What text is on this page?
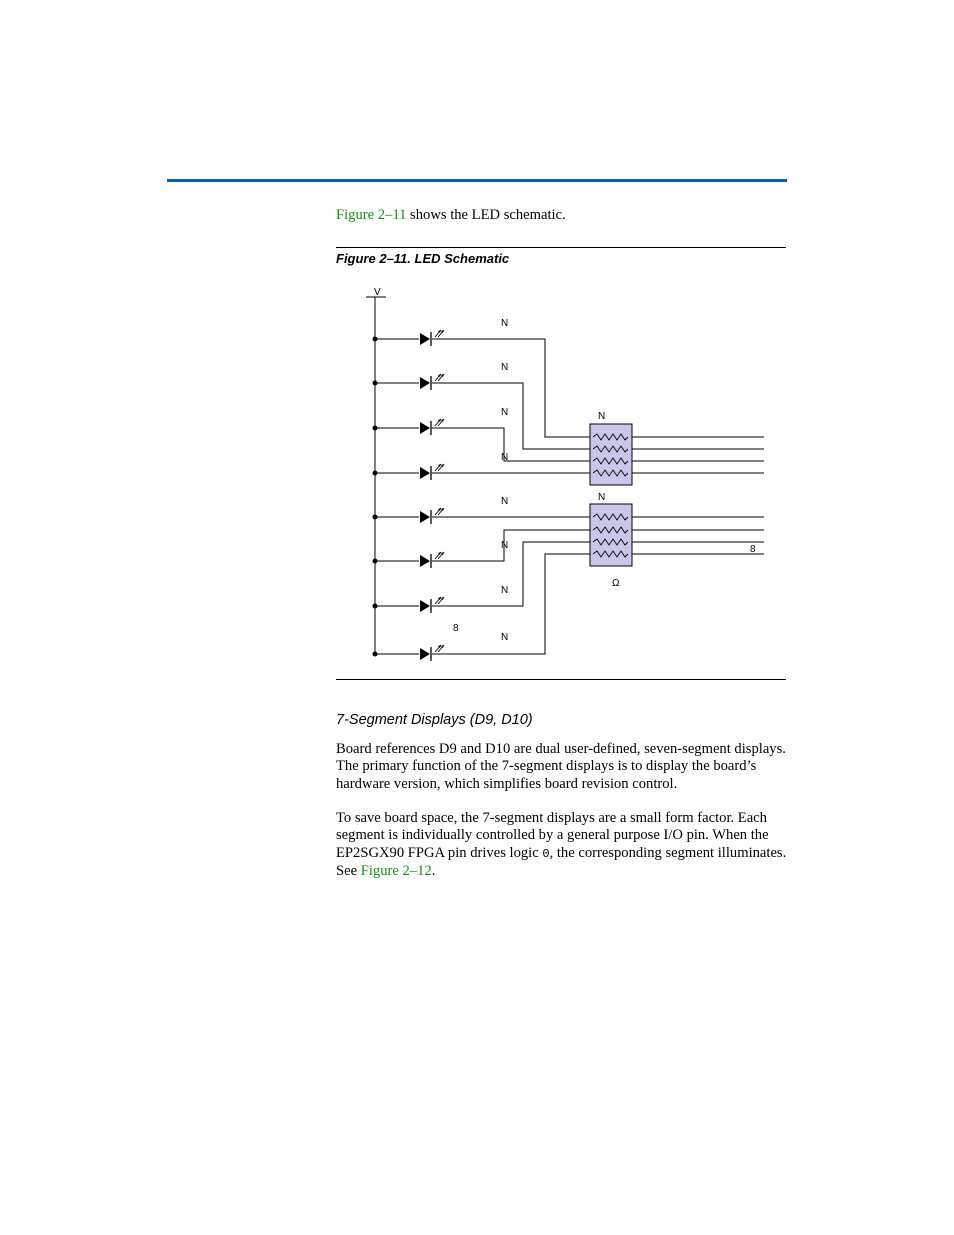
Figure 2–11 shows the LED schematic.

Figure 2–11. LED Schematic
V
N
N
N
N
N
N
N
N
8
N
N
8
Ω
7-Segment Displays (D9, D10)

Board references D9 and D10 are dual user-defined, seven-segment displays. The primary function of the 7-segment displays is to display the board’s hardware version, which simplifies board revision control.

To save board space, the 7-segment displays are a small form factor. Each segment is individually controlled by a general purpose I/O pin. When the EP2SGX90 FPGA pin drives logic 0, the corresponding segment illuminates. See Figure 2–12.
